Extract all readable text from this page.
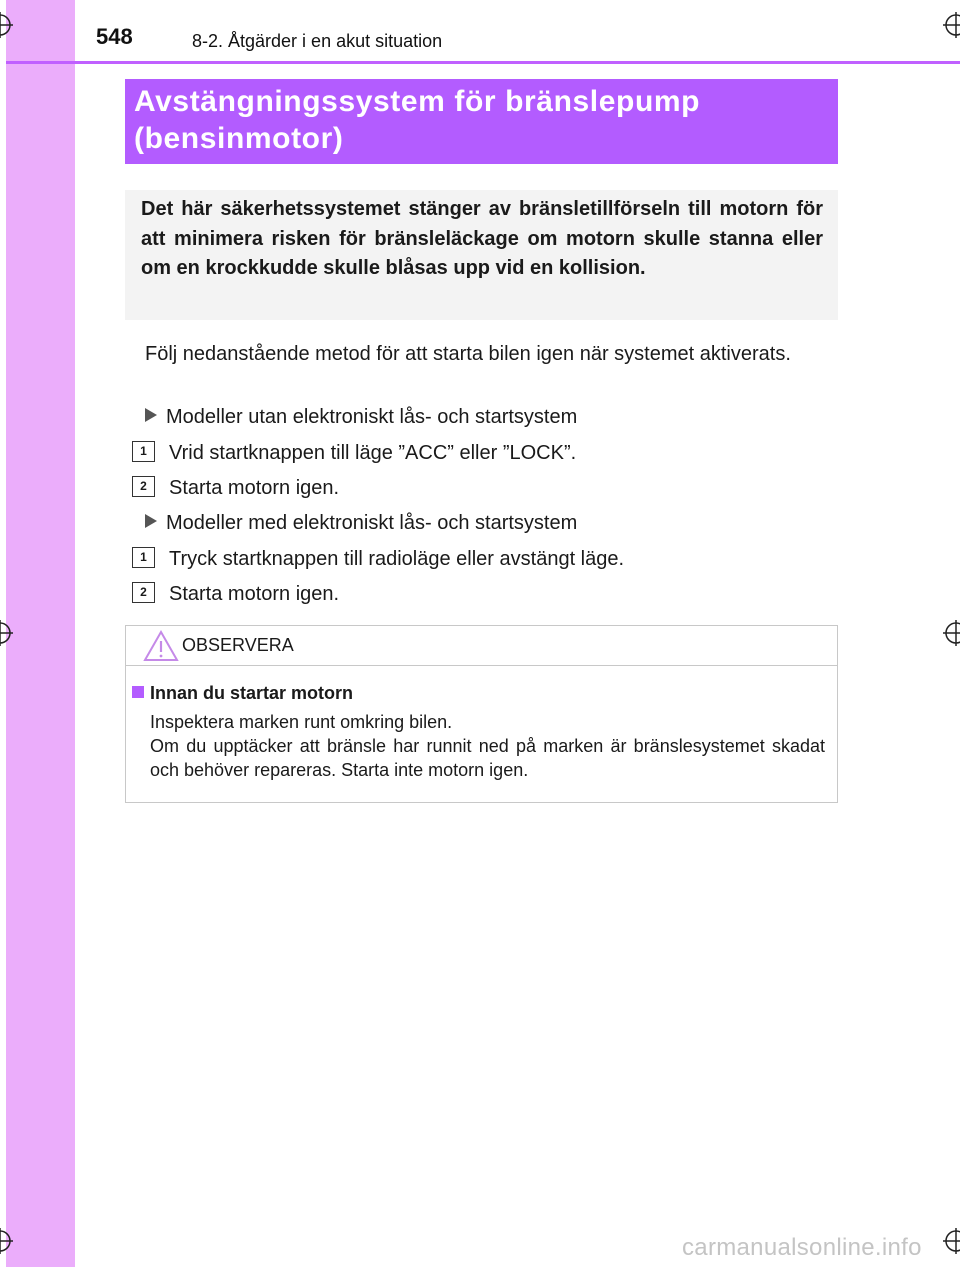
548	8-2. Åtgärder i en akut situation
Avstängningssystem för bränslepump
(bensinmotor)

Det här säkerhetssystemet stänger av bränsletillförseln till motorn för att minimera risken för bränsleläckage om motorn skulle stanna eller om en krockkudde skulle blåsas upp vid en kollision.

Följ nedanstående metod för att starta bilen igen när systemet aktiverats.

Modeller utan elektroniskt lås- och startsystem
1	Vrid startknappen till läge ”ACC” eller ”LOCK”.
2	Starta motorn igen.
Modeller med elektroniskt lås- och startsystem
1	Tryck startknappen till radioläge eller avstängt läge.
2	Starta motorn igen.
OBSERVERA
Innan du startar motorn

Inspektera marken runt omkring bilen.
Om du upptäcker att bränsle har runnit ned på marken är bränslesystemet skadat och behöver repareras. Starta inte motorn igen.

carmanualsonline.info
